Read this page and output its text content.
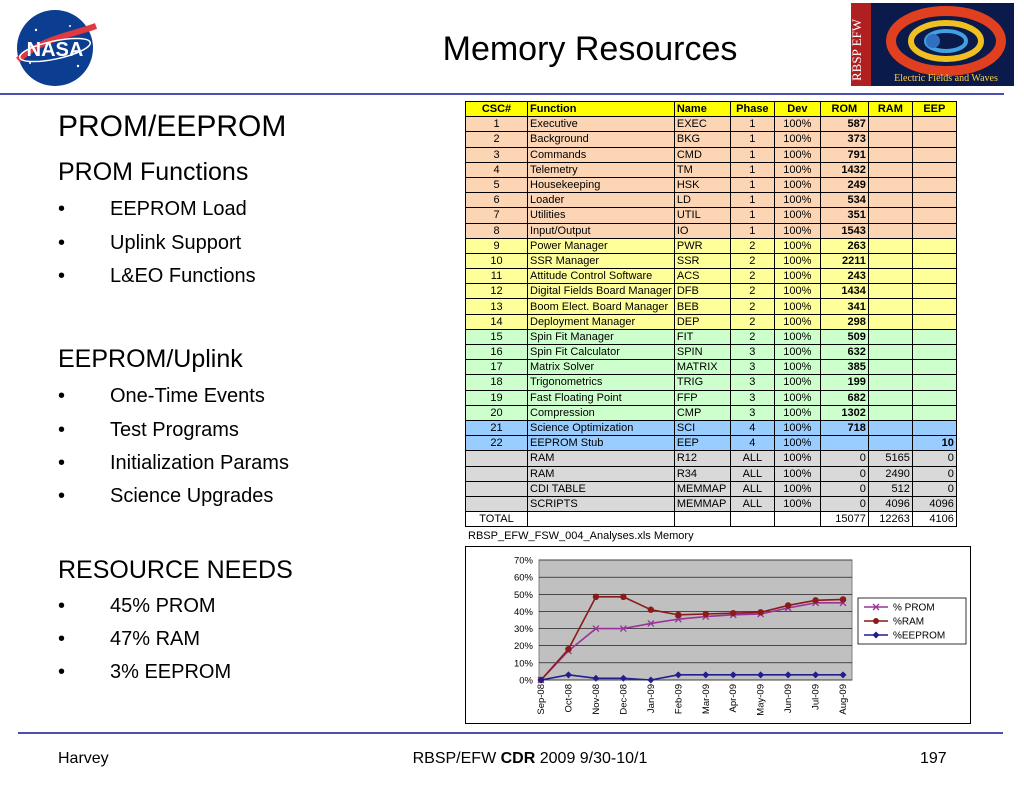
NASA	Memory Resources	RBSP EFW	Electric Fields and Waves
PROM/EEPROM
PROM Functions
• EEPROM Load
• Uplink Support
• L&EO Functions
EEPROM/Uplink
• One-Time Events
• Test Programs
• Initialization Params
• Science Upgrades
RESOURCE NEEDS
• 45% PROM
• 47% RAM
• 3% EEPROM
CSC#	Function	Name	Phase	Dev	ROM	RAM	EEP
1	Executive	EXEC	1	100%	587		
2	Background	BKG	1	100%	373		
3	Commands	CMD	1	100%	791		
4	Telemetry	TM	1	100%	1432		
5	Housekeeping	HSK	1	100%	249		
6	Loader	LD	1	100%	534		
7	Utilities	UTIL	1	100%	351		
8	Input/Output	IO	1	100%	1543		
9	Power Manager	PWR	2	100%	263		
10	SSR Manager	SSR	2	100%	2211		
11	Attitude Control Software	ACS	2	100%	243		
12	Digital Fields Board Manager	DFB	2	100%	1434		
13	Boom Elect. Board Manager	BEB	2	100%	341		
14	Deployment Manager	DEP	2	100%	298		
15	Spin Fit Manager	FIT	2	100%	509		
16	Spin Fit Calculator	SPIN	3	100%	632		
17	Matrix Solver	MATRIX	3	100%	385		
18	Trigonometrics	TRIG	3	100%	199		
19	Fast Floating Point	FFP	3	100%	682		
20	Compression	CMP	3	100%	1302		
21	Science Optimization	SCI	4	100%	718		
22	EEPROM Stub	EEP	4	100%			10
	RAM	R12	ALL	100%	0	5165	0
	RAM	R34	ALL	100%	0	2490	0
	CDI TABLE	MEMMAP	ALL	100%	0	512	0
	SCRIPTS	MEMMAP	ALL	100%	0	4096	4096
TOTAL					15077	12263	4106
RBSP_EFW_FSW_004_Analyses.xls Memory
0%
10%
20%
30%
40%
50%
60%
70%
Sep-08 Oct-08 Nov-08 Dec-08 Jan-09 Feb-09 Mar-09 Apr-09 May-09 Jun-09 Jul-09 Aug-09
% PROM
%RAM
%EEPROM
Harvey	RBSP/EFW CDR 2009 9/30-10/1	197
